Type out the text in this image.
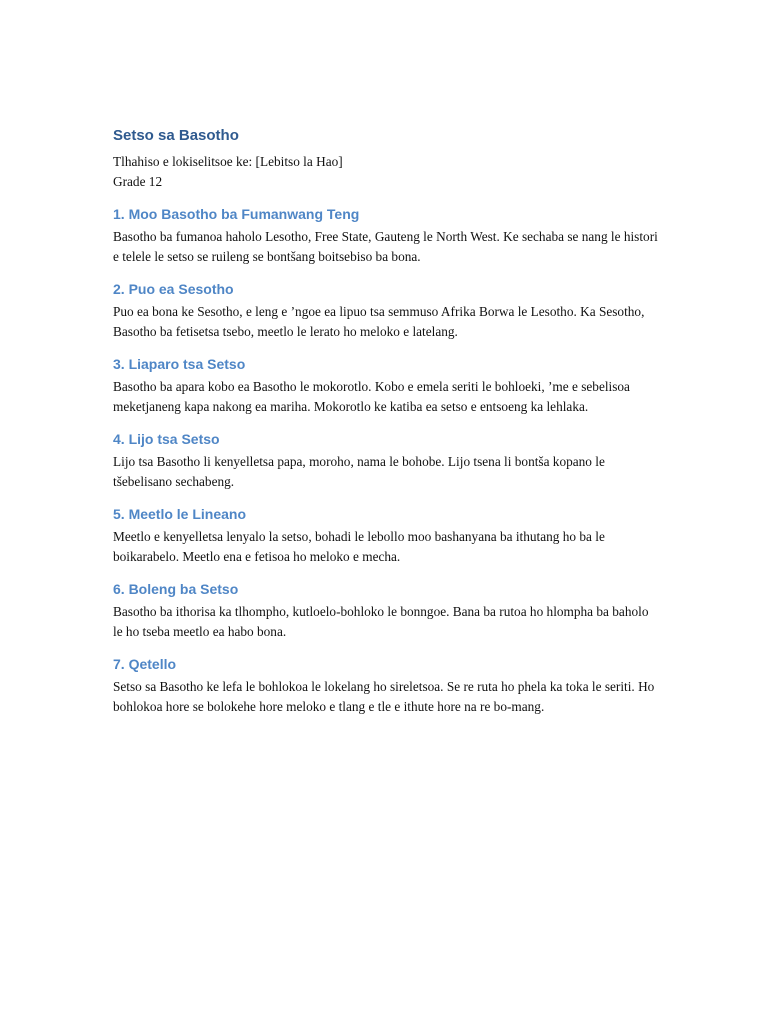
Setso sa Basotho

Tlhahiso e lokiselitsoe ke: [Lebitso la Hao]

Grade 12

1. Moo Basotho ba Fumanwang Teng

Basotho ba fumanoa haholo Lesotho, Free State, Gauteng le North West. Ke sechaba se nang le histori e telele le setso se ruileng se bontšang boitsebiso ba bona.

2. Puo ea Sesotho

Puo ea bona ke Sesotho, e leng e ’ngoe ea lipuo tsa semmuso Afrika Borwa le Lesotho. Ka Sesotho, Basotho ba fetisetsa tsebo, meetlo le lerato ho meloko e latelang.

3. Liaparo tsa Setso

Basotho ba apara kobo ea Basotho le mokorotlo. Kobo e emela seriti le bohloeki, ’me e sebelisoa meketjaneng kapa nakong ea mariha. Mokorotlo ke katiba ea setso e entsoeng ka lehlaka.

4. Lijo tsa Setso

Lijo tsa Basotho li kenyelletsa papa, moroho, nama le bohobe. Lijo tsena li bontša kopano le tšebelisano sechabeng.

5. Meetlo le Lineano

Meetlo e kenyelletsa lenyalo la setso, bohadi le lebollo moo bashanyana ba ithutang ho ba le boikarabelo. Meetlo ena e fetisoa ho meloko e mecha.

6. Boleng ba Setso

Basotho ba ithorisa ka tlhompho, kutloelo-bohloko le bonngoe. Bana ba rutoa ho hlompha ba baholo le ho tseba meetlo ea habo bona.

7. Qetello

Setso sa Basotho ke lefa le bohlokoa le lokelang ho sireletsoa. Se re ruta ho phela ka toka le seriti. Ho bohlokoa hore se bolokehe hore meloko e tlang e tle e ithute hore na re bo-mang.
